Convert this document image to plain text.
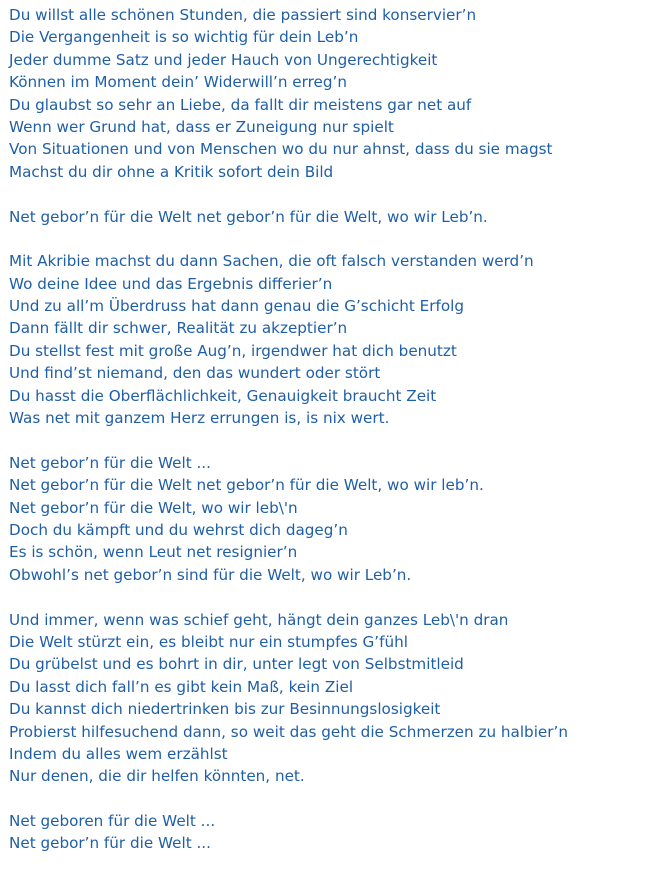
Du willst alle schönen Stunden, die passiert sind konservier’n
Die Vergangenheit is so wichtig für dein Leb’n
Jeder dumme Satz und jeder Hauch von Ungerechtigkeit
Können im Moment dein’ Widerwill’n erreg’n
Du glaubst so sehr an Liebe, da fallt dir meistens gar net auf
Wenn wer Grund hat, dass er Zuneigung nur spielt
Von Situationen und von Menschen wo du nur ahnst, dass du sie magst
Machst du dir ohne a Kritik sofort dein Bild
Net gebor’n für die Welt net gebor’n für die Welt, wo wir Leb’n.
Mit Akribie machst du dann Sachen, die oft falsch verstanden werd’n
Wo deine Idee und das Ergebnis differier’n
Und zu all’m Überdruss hat dann genau die G’schicht Erfolg
Dann fällt dir schwer, Realität zu akzeptier’n
Du stellst fest mit große Aug’n, irgendwer hat dich benutzt
Und find’st niemand, den das wundert oder stört
Du hasst die Oberflächlichkeit, Genauigkeit braucht Zeit
Was net mit ganzem Herz errungen is, is nix wert.
Net gebor’n für die Welt ...
Net gebor’n für die Welt net gebor’n für die Welt, wo wir leb’n.
Net gebor’n für die Welt, wo wir leb\'n
Doch du kämpft und du wehrst dich dageg’n
Es is schön, wenn Leut net resignier’n
Obwohl’s net gebor’n sind für die Welt, wo wir Leb’n.
Und immer, wenn was schief geht, hängt dein ganzes Leb\'n dran
Die Welt stürzt ein, es bleibt nur ein stumpfes G’fühl
Du grübelst und es bohrt in dir, unter legt von Selbstmitleid
Du lasst dich fall’n es gibt kein Maß, kein Ziel
Du kannst dich niedertrinken bis zur Besinnungslosigkeit
Probierst hilfesuchend dann, so weit das geht die Schmerzen zu halbier’n
Indem du alles wem erzählst
Nur denen, die dir helfen könnten, net.
Net geboren für die Welt ...
Net gebor’n für die Welt ...
